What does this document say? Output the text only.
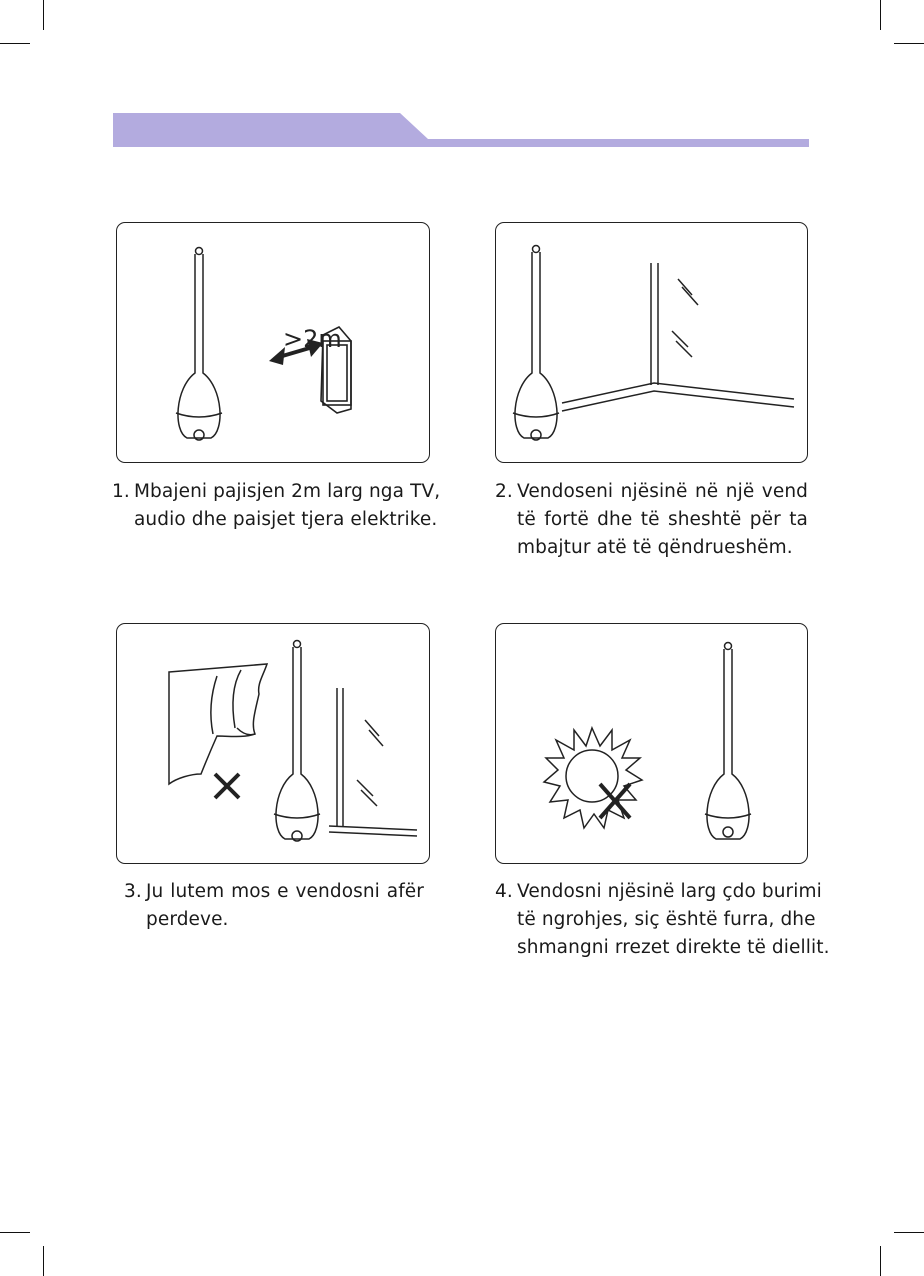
>2m
1. Mbajeni pajisjen 2m larg nga TV,
audio dhe paisjet tjera elektrike.
2. Vendoseni njësinë në një vend
të fortë dhe të sheshtë për ta
mbajtur atë të qëndrueshëm.
3. Ju lutem mos e vendosni afër
perdeve.
4. Vendosni njësinë larg çdo burimi
të ngrohjes, siç është furra, dhe
shmangni rrezet direkte të diellit.
